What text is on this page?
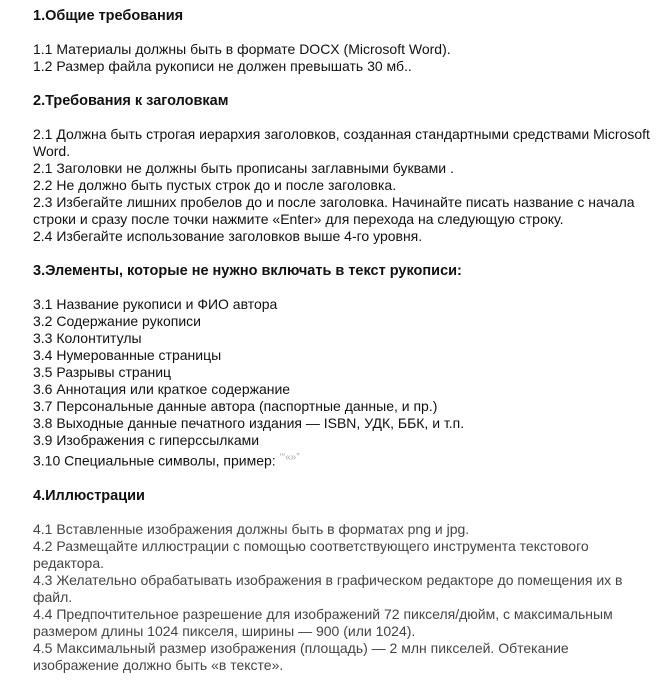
1.Общие требования

1.1 Материалы должны быть в формате DOCX (Microsoft Word).

1.2 Размер файла рукописи не должен превышать 30 мб..

2.Требования к заголовкам

2.1 Должна быть строгая иерархия заголовков, созданная стандартными средствами Microsoft Word.

2.1 Заголовки не должны быть прописаны заглавными буквами .

2.2 Не должно быть пустых строк до и после заголовка.

2.3 Избегайте лишних пробелов до и после заголовка. Начинайте писать название с начала строки и сразу после точки нажмите «Enter» для перехода на следующую строку.

2.4 Избегайте использование заголовков выше 4-го уровня.

3.Элементы, которые не нужно включать в текст рукописи:

3.1 Название рукописи и ФИО автора

3.2 Содержание рукописи

3.3 Колонтитулы

3.4 Нумерованные страницы

3.5 Разрывы страниц

3.6 Аннотация или краткое содержание

3.7 Персональные данные автора (паспортные данные, и пр.)

3.8 Выходные данные печатного издания — ISBN, УДК, ББК, и т.п.

3.9 Изображения с гиперссылками

3.10 Специальные символы, пример: ‘“«»”

4.Иллюстрации

4.1 Вставленные изображения должны быть в форматах png и jpg.

4.2 Размещайте иллюстрации с помощью соответствующего инструмента текстового редактора.

4.3 Желательно обрабатывать изображения в графическом редакторе до помещения их в файл.

4.4 Предпочтительное разрешение для изображений 72 пикселя/дюйм, с максимальным размером длины 1024 пикселя, ширины — 900 (или 1024).

4.5 Максимальный размер изображения (площадь) — 2 млн пикселей. Обтекание изображение должно быть «в тексте».
